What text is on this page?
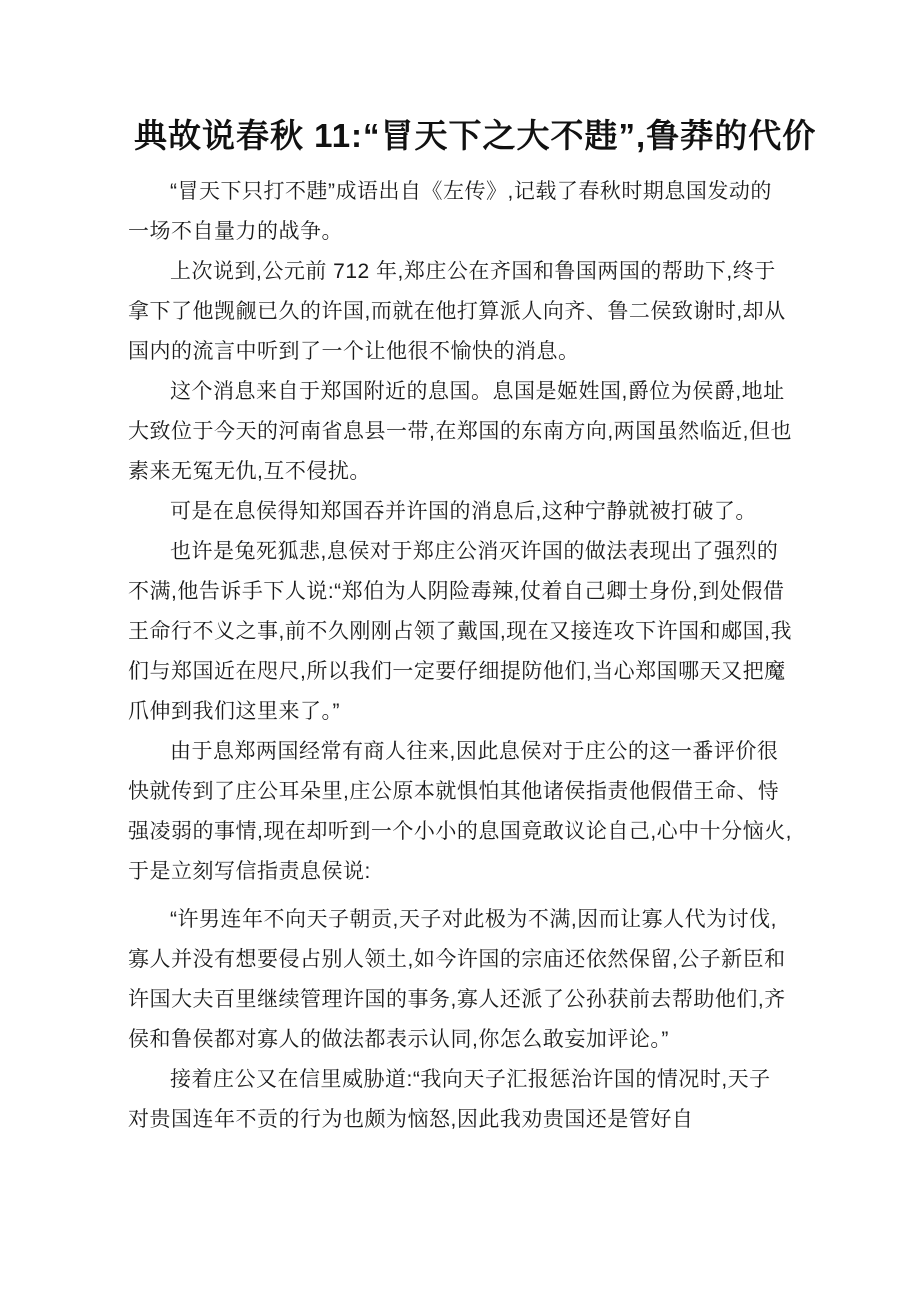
典故说春秋 11:“冒天下之大不韪”,鲁莽的代价

“冒天下只打不韪”成语出自《左传》,记载了春秋时期息国发动的一场不自量力的战争。

上次说到,公元前 712 年,郑庄公在齐国和鲁国两国的帮助下,终于拿下了他觊觎已久的许国,而就在他打算派人向齐、鲁二侯致谢时,却从国内的流言中听到了一个让他很不愉快的消息。

这个消息来自于郑国附近的息国。息国是姬姓国,爵位为侯爵,地址大致位于今天的河南省息县一带,在郑国的东南方向,两国虽然临近,但也素来无冤无仇,互不侵扰。

可是在息侯得知郑国吞并许国的消息后,这种宁静就被打破了。

也许是兔死狐悲,息侯对于郑庄公消灭许国的做法表现出了强烈的不满,他告诉手下人说:“郑伯为人阴险毒辣,仗着自己卿士身份,到处假借王命行不义之事,前不久刚刚占领了戴国,现在又接连攻下许国和郕国,我们与郑国近在咫尺,所以我们一定要仔细提防他们,当心郑国哪天又把魔爪伸到我们这里来了。”

由于息郑两国经常有商人往来,因此息侯对于庄公的这一番评价很快就传到了庄公耳朵里,庄公原本就惧怕其他诸侯指责他假借王命、恃强凌弱的事情,现在却听到一个小小的息国竟敢议论自己,心中十分恼火,于是立刻写信指责息侯说:

“许男连年不向天子朝贡,天子对此极为不满,因而让寡人代为讨伐,寡人并没有想要侵占别人领土,如今许国的宗庙还依然保留,公子新臣和许国大夫百里继续管理许国的事务,寡人还派了公孙获前去帮助他们,齐侯和鲁侯都对寡人的做法都表示认同,你怎么敢妄加评论。”

接着庄公又在信里威胁道:“我向天子汇报惩治许国的情况时,天子对贵国连年不贡的行为也颇为恼怒,因此我劝贵国还是管好自
